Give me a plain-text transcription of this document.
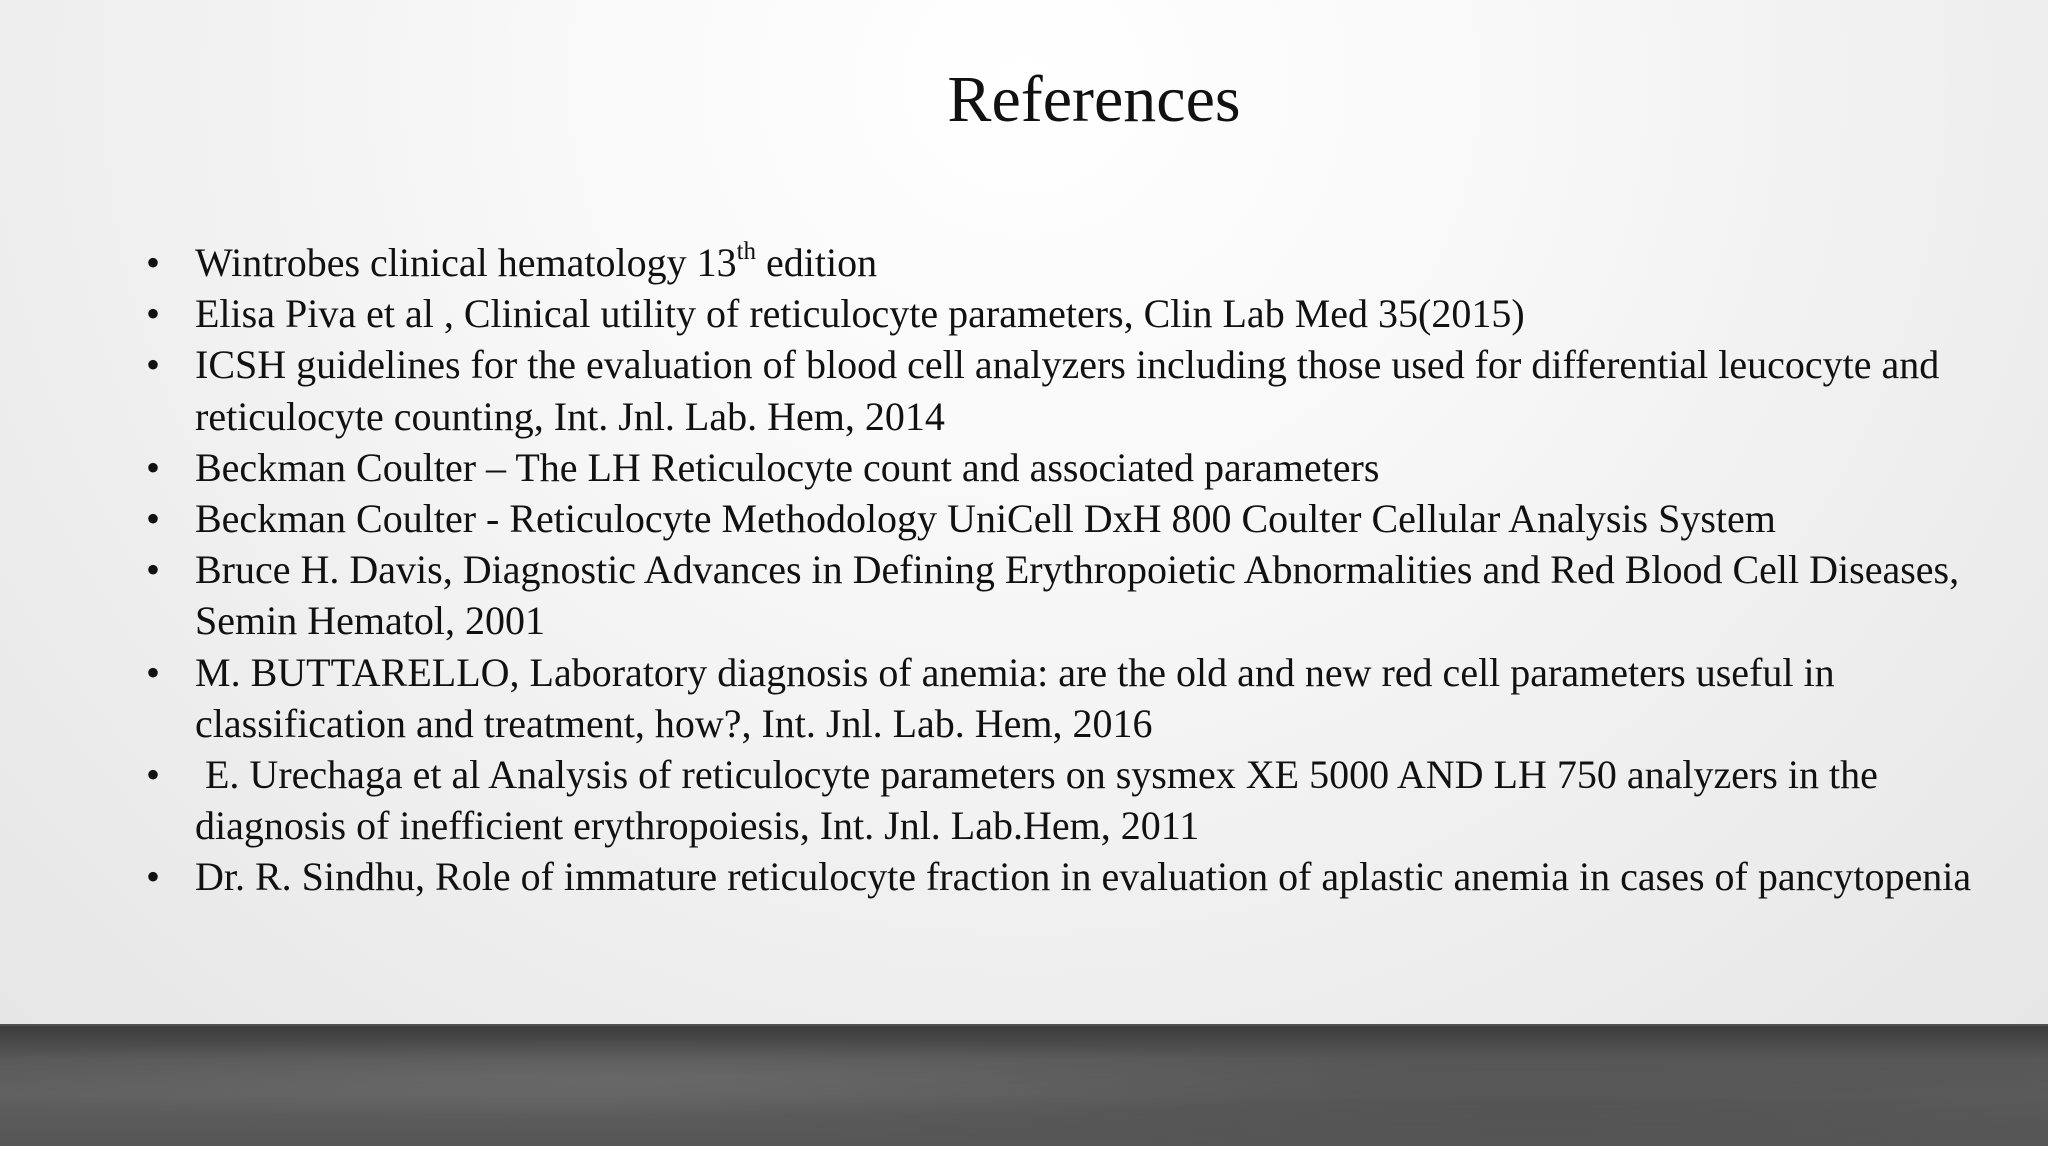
References
• Wintrobes clinical hematology 13th edition
• Elisa Piva et al , Clinical utility of reticulocyte parameters, Clin Lab Med 35(2015)
• ICSH guidelines for the evaluation of blood cell analyzers including those used for differential leucocyte and reticulocyte counting, Int. Jnl. Lab. Hem, 2014
• Beckman Coulter – The LH Reticulocyte count and associated parameters
• Beckman Coulter - Reticulocyte Methodology UniCell DxH 800 Coulter Cellular Analysis System
• Bruce H. Davis, Diagnostic Advances in Defining Erythropoietic Abnormalities and Red Blood Cell Diseases, Semin Hematol, 2001
• M. BUTTARELLO, Laboratory diagnosis of anemia: are the old and new red cell parameters useful in classification and treatment, how?, Int. Jnl. Lab. Hem, 2016
• E. Urechaga et al Analysis of reticulocyte parameters on sysmex XE 5000 AND LH 750 analyzers in the diagnosis of inefficient erythropoiesis, Int. Jnl. Lab.Hem, 2011
• Dr. R. Sindhu, Role of immature reticulocyte fraction in evaluation of aplastic anemia in cases of pancytopenia
